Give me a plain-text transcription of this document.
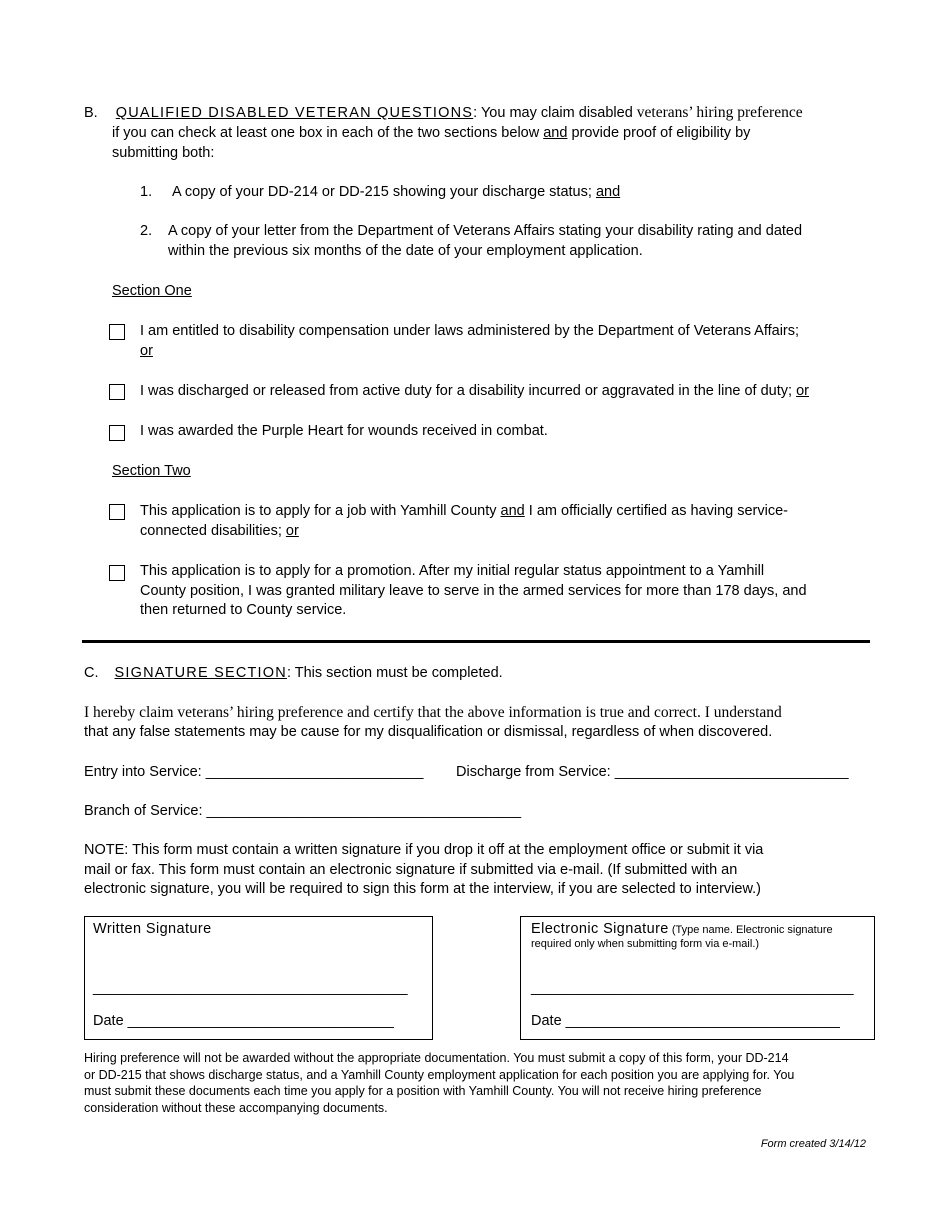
B. QUALIFIED DISABLED VETERAN QUESTIONS: You may claim disabled veterans’ hiring preference
if you can check at least one box in each of the two sections below and provide proof of eligibility by
submitting both:
1. A copy of your DD-214 or DD-215 showing your discharge status; and
2. A copy of your letter from the Department of Veterans Affairs stating your disability rating and dated
within the previous six months of the date of your employment application.
Section One
I am entitled to disability compensation under laws administered by the Department of Veterans Affairs;
or
I was discharged or released from active duty for a disability incurred or aggravated in the line of duty; or
I was awarded the Purple Heart for wounds received in combat.
Section Two
This application is to apply for a job with Yamhill County and I am officially certified as having service-
connected disabilities; or
This application is to apply for a promotion. After my initial regular status appointment to a Yamhill
County position, I was granted military leave to serve in the armed services for more than 178 days, and
then returned to County service.
C. SIGNATURE SECTION: This section must be completed.
I hereby claim veterans’ hiring preference and certify that the above information is true and correct. I understand
that any false statements may be cause for my disqualification or dismissal, regardless of when discovered.
Entry into Service: ___________________________ Discharge from Service: _____________________________
Branch of Service: _______________________________________
NOTE: This form must contain a written signature if you drop it off at the employment office or submit it via
mail or fax. This form must contain an electronic signature if submitted via e-mail. (If submitted with an
electronic signature, you will be required to sign this form at the interview, if you are selected to interview.)
Written Signature
_______________________________________
Date _________________________________
Electronic Signature (Type name. Electronic signature
required only when submitting form via e-mail.)
________________________________________
Date __________________________________
Hiring preference will not be awarded without the appropriate documentation. You must submit a copy of this form, your DD-214
or DD-215 that shows discharge status, and a Yamhill County employment application for each position you are applying for. You
must submit these documents each time you apply for a position with Yamhill County. You will not receive hiring preference
consideration without these accompanying documents.
Form created 3/14/12
